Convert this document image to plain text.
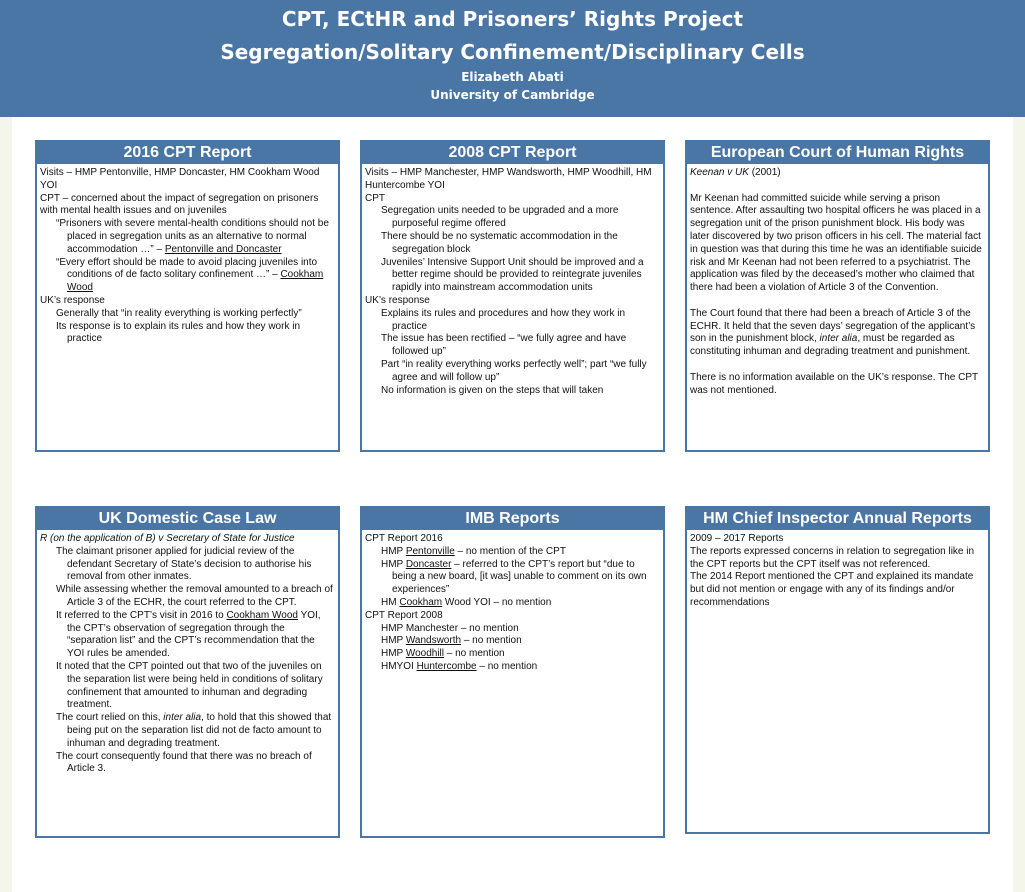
CPT, ECtHR and Prisoners’ Rights Project
Segregation/Solitary Confinement/Disciplinary Cells
Elizabeth Abati
University of Cambridge
2016 CPT Report

Visits – HMP Pentonville, HMP Doncaster, HM Cookham Wood YOI

CPT – concerned about the impact of segregation on prisoners with mental health issues and on juveniles

“Prisoners with severe mental-health conditions should not be placed in segregation units as an alternative to normal accommodation …” – Pentonville and Doncaster

“Every effort should be made to avoid placing juveniles into conditions of de facto solitary confinement …” – Cookham Wood

UK’s response

Generally that “in reality everything is working perfectly”

Its response is to explain its rules and how they work in practice

2008 CPT Report

Visits – HMP Manchester, HMP Wandsworth, HMP Woodhill, HM Huntercombe YOI

CPT

Segregation units needed to be upgraded and a more purposeful regime offered

There should be no systematic accommodation in the segregation block

Juveniles’ Intensive Support Unit should be improved and a better regime should be provided to reintegrate juveniles rapidly into mainstream accommodation units

UK’s response

Explains its rules and procedures and how they work in practice

The issue has been rectified – “we fully agree and have followed up”

Part “in reality everything works perfectly well”; part “we fully agree and will follow up”

No information is given on the steps that will taken

European Court of Human Rights

Keenan v UK (2001)

Mr Keenan had committed suicide while serving a prison sentence. After assaulting two hospital officers he was placed in a segregation unit of the prison punishment block. His body was later discovered by two prison officers in his cell. The material fact in question was that during this time he was an identifiable suicide risk and Mr Keenan had not been referred to a psychiatrist. The application was filed by the deceased’s mother who claimed that there had been a violation of Article 3 of the Convention.

The Court found that there had been a breach of Article 3 of the ECHR. It held that the seven days’ segregation of the applicant’s son in the punishment block, inter alia, must be regarded as constituting inhuman and degrading treatment and punishment.

There is no information available on the UK’s response. The CPT was not mentioned.

UK Domestic Case Law

R (on the application of B) v Secretary of State for Justice

The claimant prisoner applied for judicial review of the defendant Secretary of State’s decision to authorise his removal from other inmates.

While assessing whether the removal amounted to a breach of Article 3 of the ECHR, the court referred to the CPT.

It referred to the CPT’s visit in 2016 to Cookham Wood YOI, the CPT’s observation of segregation through the “separation list” and the CPT’s recommendation that the YOI rules be amended.

It noted that the CPT pointed out that two of the juveniles on the separation list were being held in conditions of solitary confinement that amounted to inhuman and degrading treatment.

The court relied on this, inter alia, to hold that this showed that being put on the separation list did not de facto amount to inhuman and degrading treatment.

The court consequently found that there was no breach of Article 3.

IMB Reports

CPT Report 2016

HMP Pentonville – no mention of the CPT

HMP Doncaster – referred to the CPT’s report but “due to being a new board, [it was] unable to comment on its own experiences”

HM Cookham Wood YOI – no mention

CPT Report 2008

HMP Manchester – no mention

HMP Wandsworth – no mention

HMP Woodhill – no mention

HMYOI Huntercombe – no mention

HM Chief Inspector Annual Reports

2009 – 2017 Reports

The reports expressed concerns in relation to segregation like in the CPT reports but the CPT itself was not referenced.

The 2014 Report mentioned the CPT and explained its mandate but did not mention or engage with any of its findings and/or recommendations
